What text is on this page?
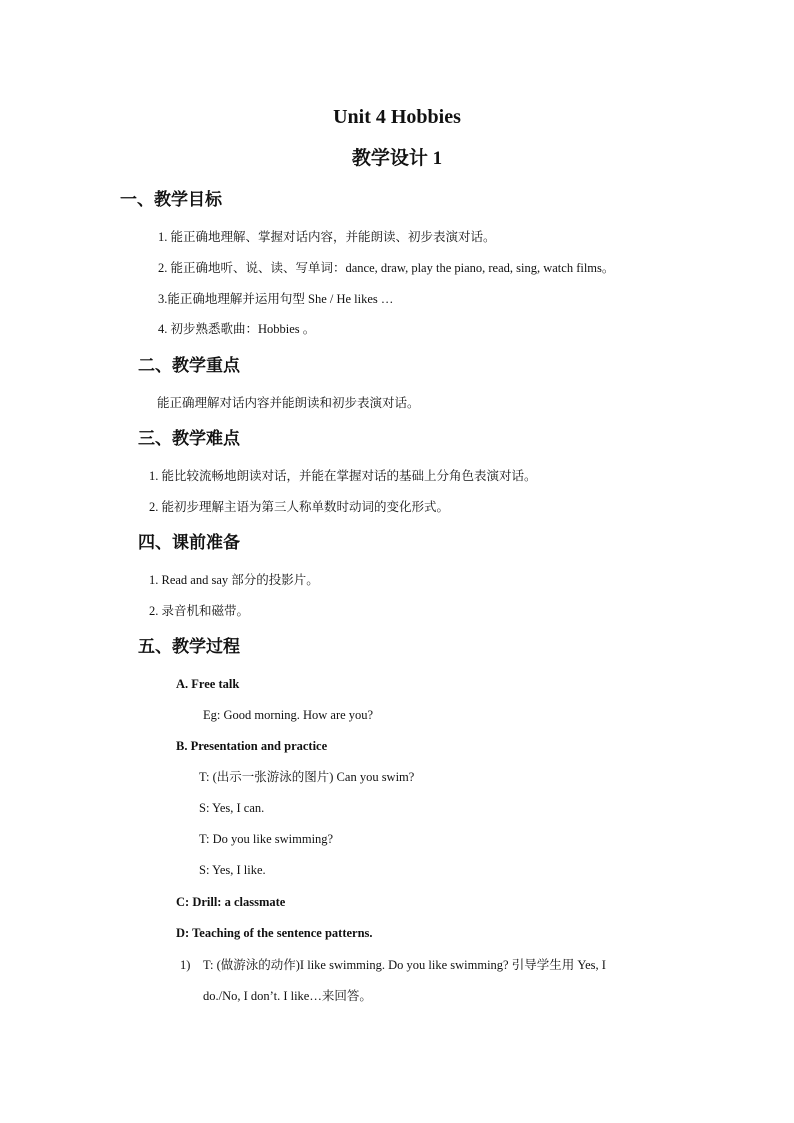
Unit 4 Hobbies
教学设计 1
一、教学目标
1. 能正确地理解、掌握对话内容，并能朗读、初步表演对话。
2. 能正确地听、说、读、写单词：dance, draw, play the piano, read, sing, watch films。
3.能正确地理解并运用句型 She / He likes …
4. 初步熟悉歌曲：Hobbies 。
二、教学重点
能正确理解对话内容并能朗读和初步表演对话。
三、教学难点
1. 能比较流畅地朗读对话，并能在掌握对话的基础上分角色表演对话。
2. 能初步理解主语为第三人称单数时动词的变化形式。
四、课前准备
1. Read and say 部分的投影片。
2. 录音机和磁带。
五、教学过程
A. Free talk
Eg: Good morning. How are you?
B. Presentation and practice
T: (出示一张游泳的图片) Can you swim?
S: Yes, I can.
T: Do you like swimming?
S: Yes, I like.
C: Drill: a classmate
D: Teaching of the sentence patterns.
1) T: (做游泳的动作)I like swimming. Do you like swimming? 引导学生用 Yes, I
do./No, I don’t. I like…来回答。
